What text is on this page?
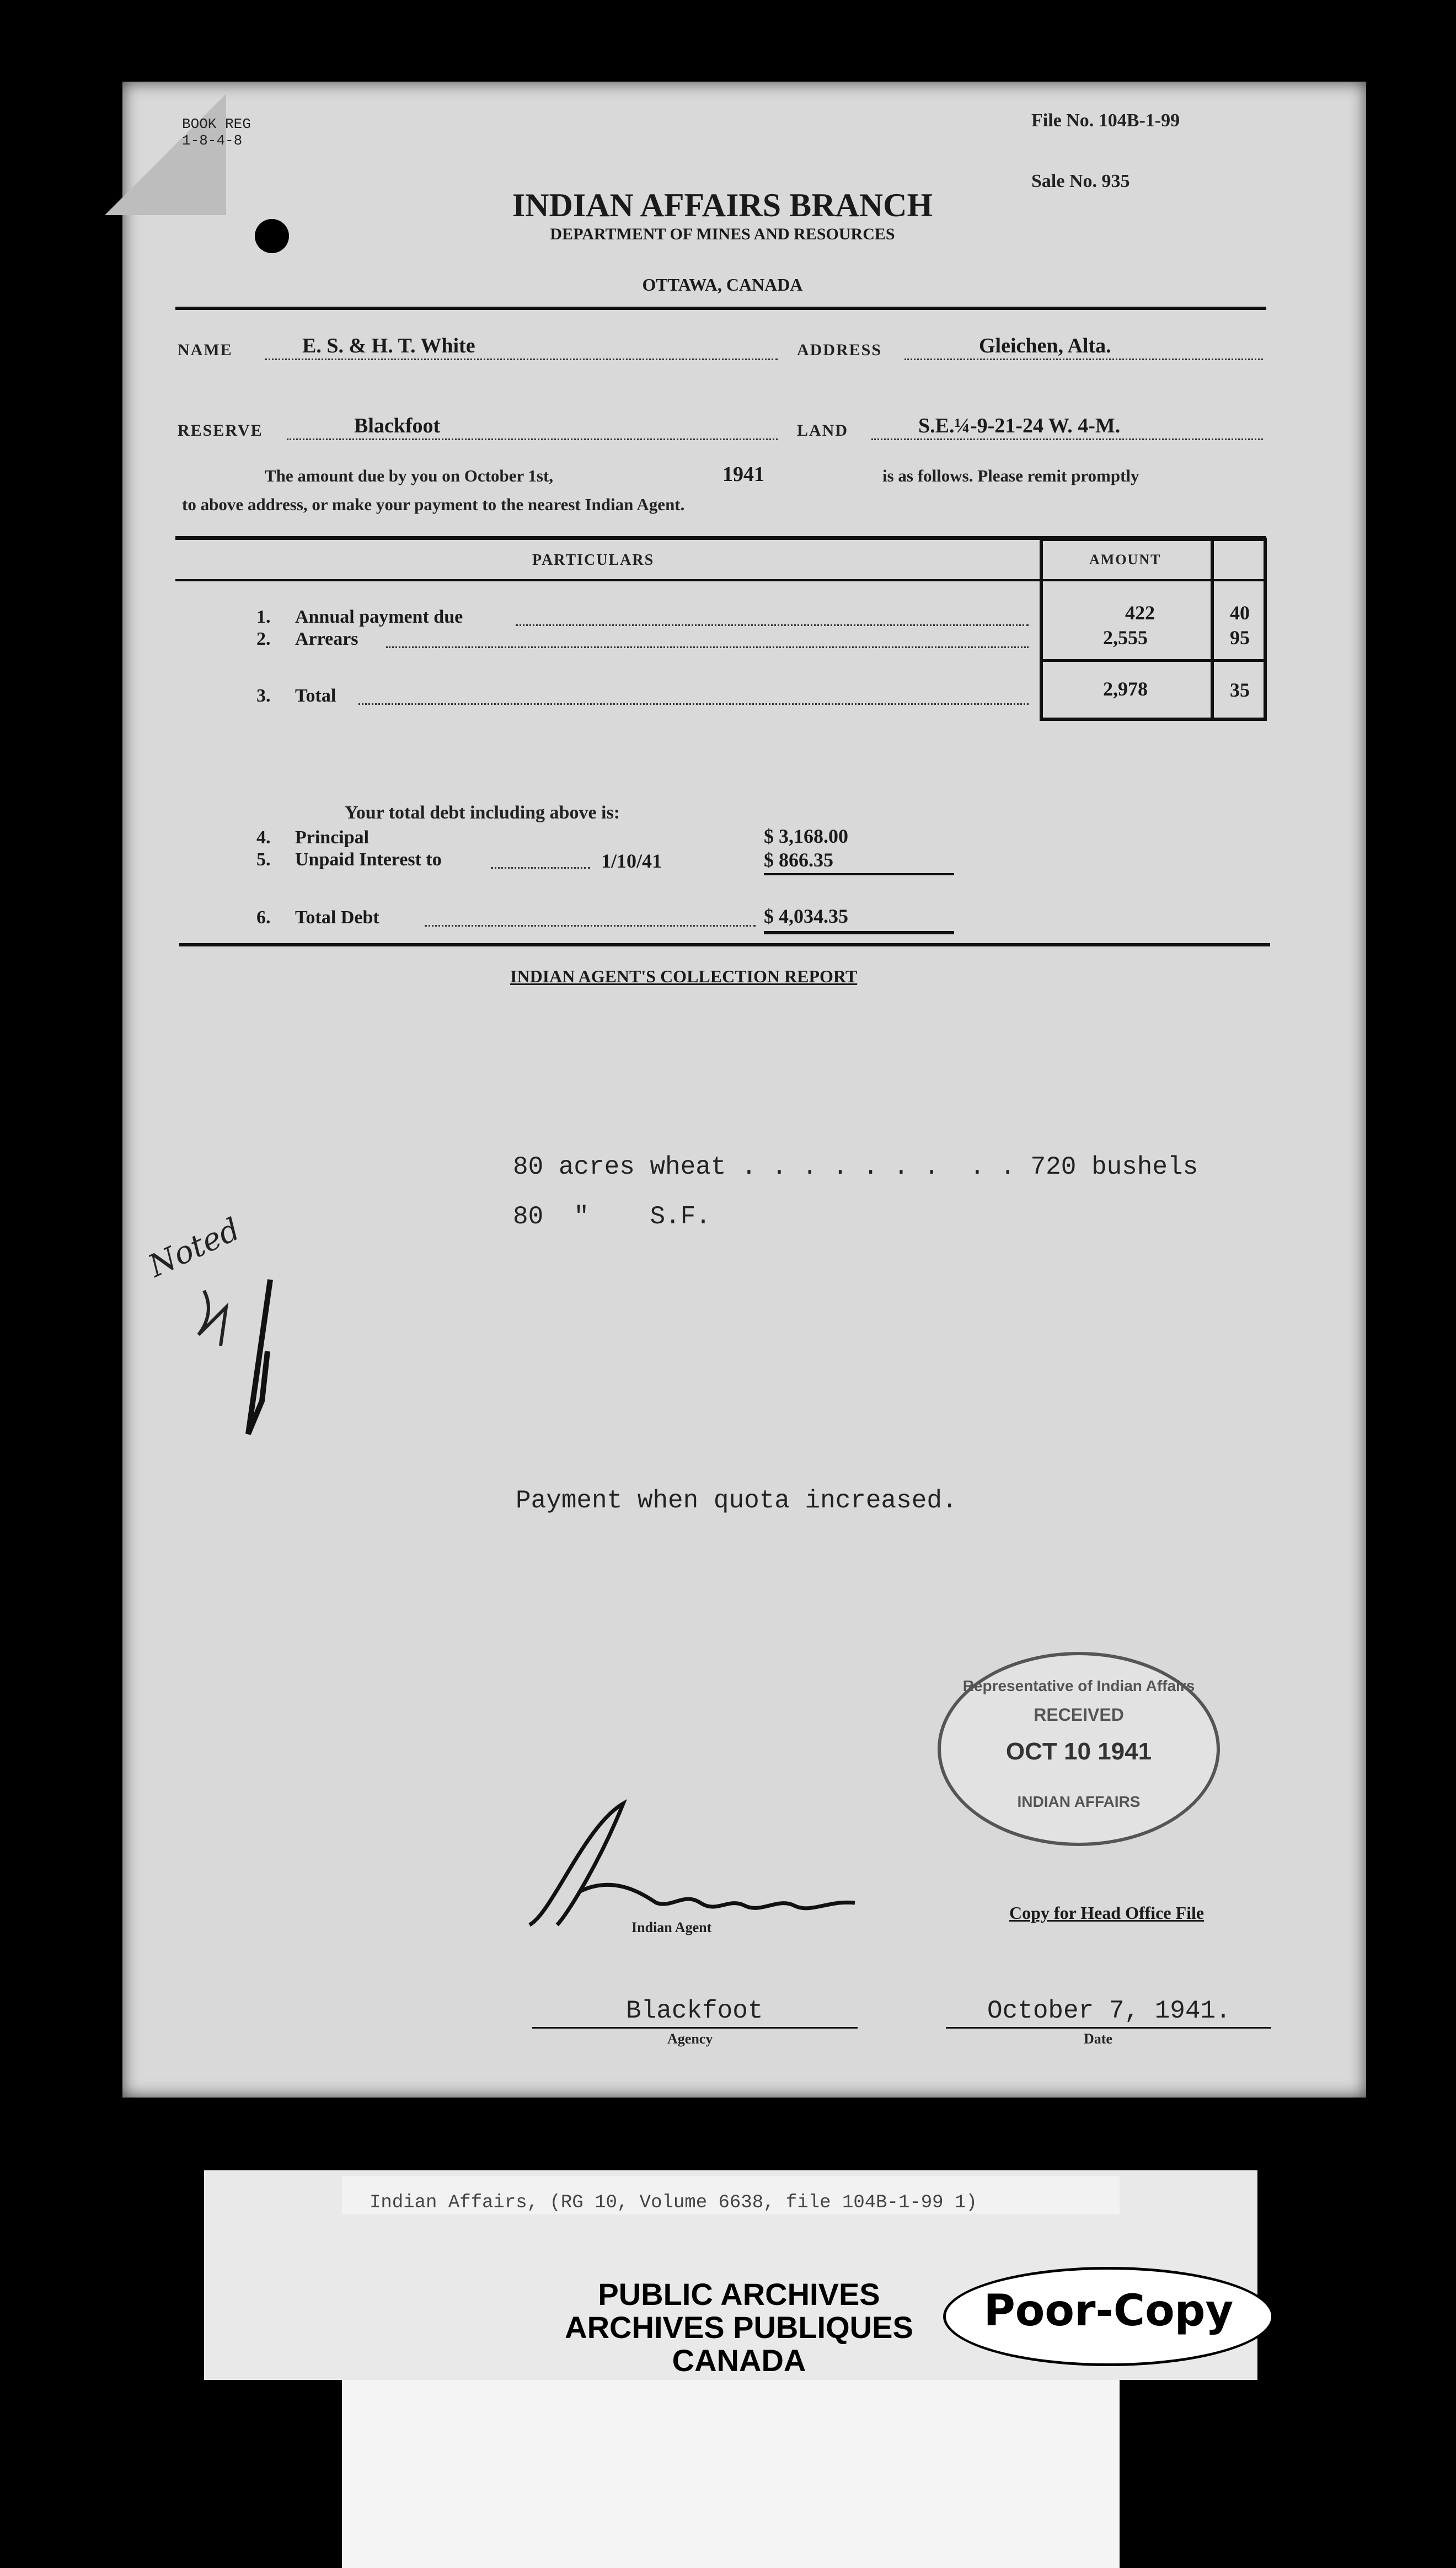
BOOK REG
1-8-4-8
File No. 104B-1-99
Sale No. 935
INDIAN AFFAIRS BRANCH
DEPARTMENT OF MINES AND RESOURCES
OTTAWA, CANADA
NAME	E. S. & H. T. White	ADDRESS	Gleichen, Alta.
RESERVE	Blackfoot	LAND	S.E.¼-9-21-24 W. 4-M.
The amount due by you on October 1st,	1941	is as follows. Please remit promptly
to above address, or make your payment to the nearest Indian Agent.
PARTICULARS	AMOUNT
1. Annual payment due	422	40
2. Arrears	2,555	95
3. Total	2,978	35
Your total debt including above is:
4. Principal	$ 3,168.00
5. Unpaid Interest to	1/10/41	$ 866.35
6. Total Debt	$ 4,034.35
INDIAN AGENT'S COLLECTION REPORT
80 acres wheat . . . . . . .  . . 720 bushels
80  "    S.F.
Payment when quota increased.
Noted
Representative of Indian Affairs
RECEIVED
OCT 10 1941
INDIAN AFFAIRS
Indian Agent
Copy for Head Office File
Blackfoot
Agency
October 7, 1941.
Date
Indian Affairs, (RG 10, Volume 6638, file 104B-1-99 1)
PUBLIC ARCHIVES
ARCHIVES PUBLIQUES
CANADA
Poor-Copy
